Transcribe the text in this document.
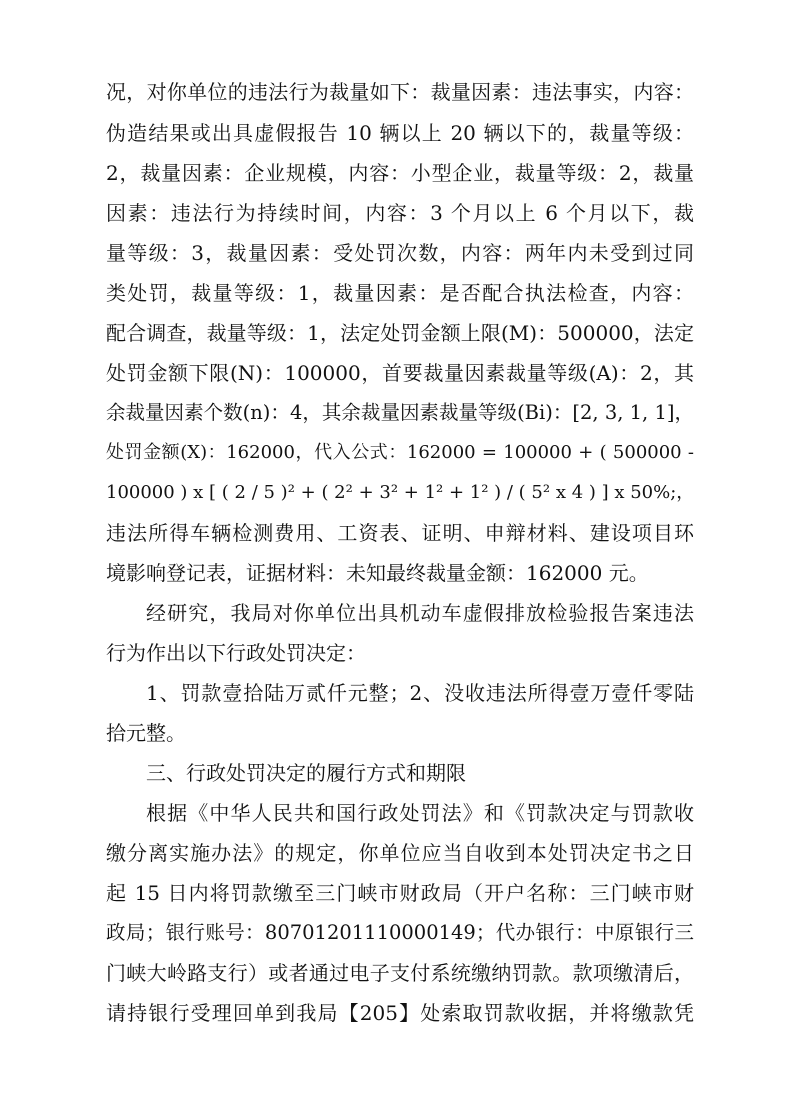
况，对你单位的违法行为裁量如下：裁量因素：违法事实，内容：
伪造结果或出具虚假报告 10 辆以上 20 辆以下的，裁量等级：
2，裁量因素：企业规模，内容：小型企业，裁量等级：2，裁量
因素：违法行为持续时间，内容：3 个月以上 6 个月以下，裁
量等级：3，裁量因素：受处罚次数，内容：两年内未受到过同
类处罚，裁量等级：1，裁量因素：是否配合执法检查，内容：
配合调查，裁量等级：1，法定处罚金额上限(M)：500000，法定
处罚金额下限(N)：100000，首要裁量因素裁量等级(A)：2，其
余裁量因素个数(n)：4，其余裁量因素裁量等级(Bi)：[2, 3, 1, 1]，
处罚金额(X)：162000，代入公式：162000 = 100000 + ( 500000 -
100000 ) x [ ( 2 / 5 )² + ( 2² + 3² + 1² + 1² ) / ( 5² x 4 ) ] x 50%;，
违法所得车辆检测费用、工资表、证明、申辩材料、建设项目环
境影响登记表，证据材料：未知最终裁量金额：162000 元。
经研究，我局对你单位出具机动车虚假排放检验报告案违法
行为作出以下行政处罚决定：
1、罚款壹拾陆万贰仟元整；2、没收违法所得壹万壹仟零陆
拾元整。
三、行政处罚决定的履行方式和期限
根据《中华人民共和国行政处罚法》和《罚款决定与罚款收
缴分离实施办法》的规定，你单位应当自收到本处罚决定书之日
起 15 日内将罚款缴至三门峡市财政局（开户名称：三门峡市财
政局；银行账号：80701201110000149；代办银行：中原银行三
门峡大岭路支行）或者通过电子支付系统缴纳罚款。款项缴清后，
请持银行受理回单到我局【205】处索取罚款收据，并将缴款凭
